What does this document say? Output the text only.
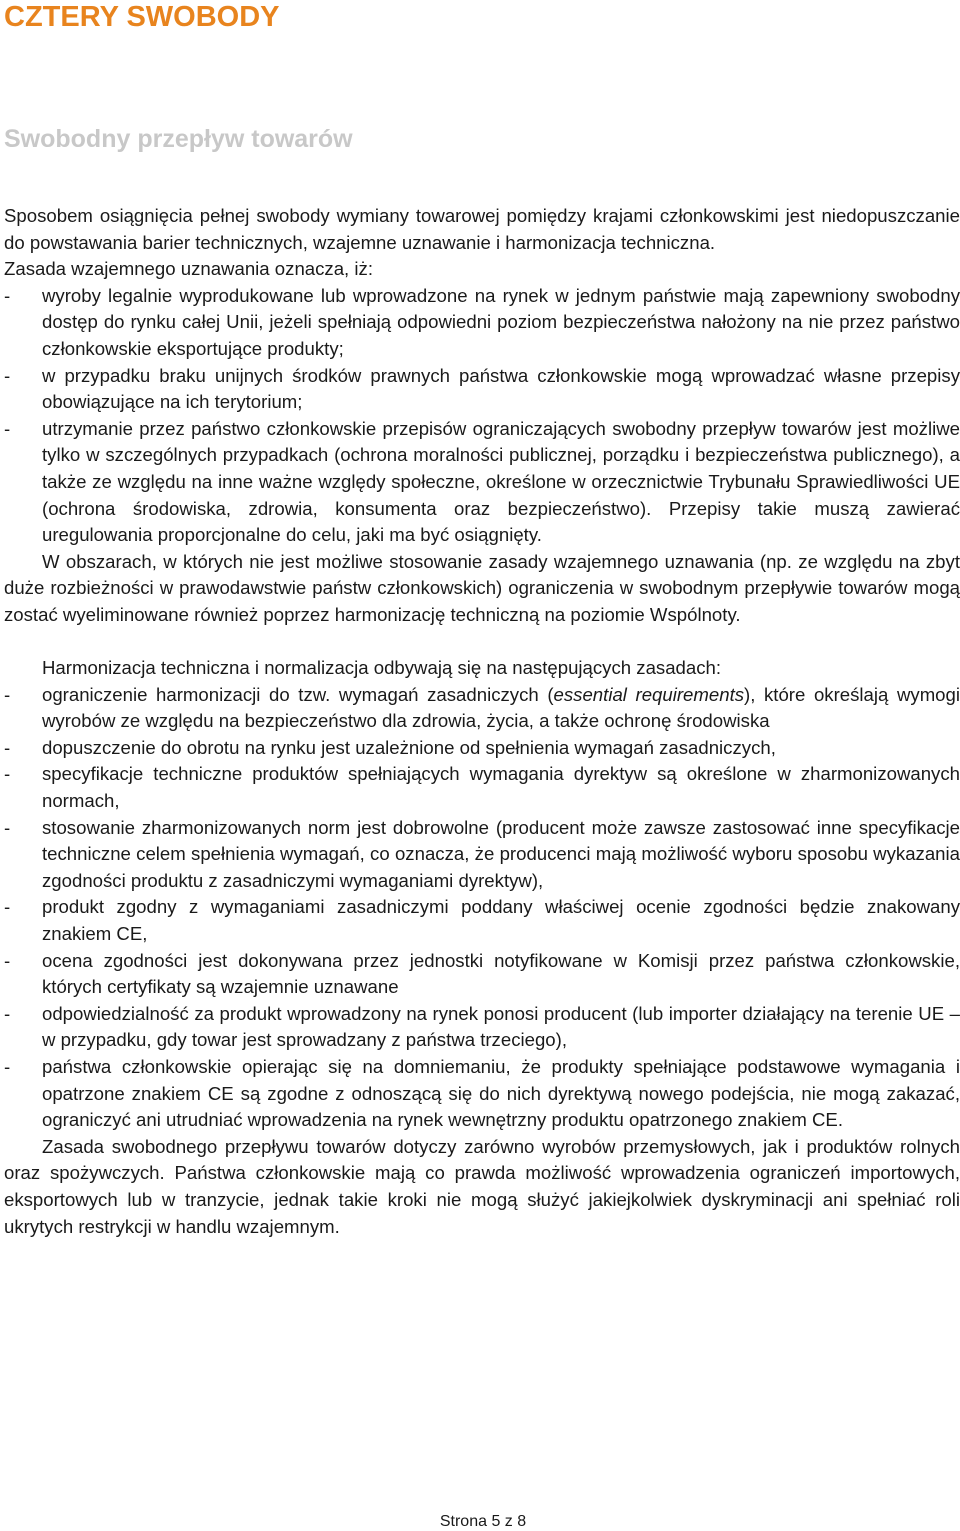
CZTERY SWOBODY
Swobodny przepływ towarów

Sposobem osiągnięcia pełnej swobody wymiany towarowej pomiędzy krajami członkowskimi jest niedopuszczanie do powstawania barier technicznych, wzajemne uznawanie i harmonizacja techniczna.

Zasada wzajemnego uznawania oznacza, iż:

- wyroby legalnie wyprodukowane lub wprowadzone na rynek w jednym państwie mają zapewniony swobodny dostęp do rynku całej Unii, jeżeli spełniają odpowiedni poziom bezpieczeństwa nałożony na nie przez państwo członkowskie eksportujące produkty;

- w przypadku braku unijnych środków prawnych państwa członkowskie mogą wprowadzać własne przepisy obowiązujące na ich terytorium;

- utrzymanie przez państwo członkowskie przepisów ograniczających swobodny przepływ towarów jest możliwe tylko w szczególnych przypadkach (ochrona moralności publicznej, porządku i bezpieczeństwa publicznego), a także ze względu na inne ważne względy społeczne, określone w orzecznictwie Trybunału Sprawiedliwości UE (ochrona środowiska, zdrowia, konsumenta oraz bezpieczeństwo). Przepisy takie muszą zawierać uregulowania proporcjonalne do celu, jaki ma być osiągnięty.

W obszarach, w których nie jest możliwe stosowanie zasady wzajemnego uznawania (np. ze względu na zbyt duże rozbieżności w prawodawstwie państw członkowskich) ograniczenia w swobodnym przepływie towarów mogą zostać wyeliminowane również poprzez harmonizację techniczną na poziomie Wspólnoty.

Harmonizacja techniczna i normalizacja odbywają się na następujących zasadach:

- ograniczenie harmonizacji do tzw. wymagań zasadniczych (essential requirements), które określają wymogi wyrobów ze względu na bezpieczeństwo dla zdrowia, życia, a także ochronę środowiska

- dopuszczenie do obrotu na rynku jest uzależnione od spełnienia wymagań zasadniczych,

- specyfikacje techniczne produktów spełniających wymagania dyrektyw są określone w zharmonizowanych normach,

- stosowanie zharmonizowanych norm jest dobrowolne (producent może zawsze zastosować inne specyfikacje techniczne celem spełnienia wymagań, co oznacza, że producenci mają możliwość wyboru sposobu wykazania zgodności produktu z zasadniczymi wymaganiami dyrektyw),

- produkt zgodny z wymaganiami zasadniczymi poddany właściwej ocenie zgodności będzie znakowany znakiem CE,

- ocena zgodności jest dokonywana przez jednostki notyfikowane w Komisji przez państwa członkowskie, których certyfikaty są wzajemnie uznawane

- odpowiedzialność za produkt wprowadzony na rynek ponosi producent (lub importer działający na terenie UE – w przypadku, gdy towar jest sprowadzany z państwa trzeciego),

- państwa członkowskie opierając się na domniemaniu, że produkty spełniające podstawowe wymagania i opatrzone znakiem CE są zgodne z odnoszącą się do nich dyrektywą nowego podejścia, nie mogą zakazać, ograniczyć ani utrudniać wprowadzenia na rynek wewnętrzny produktu opatrzonego znakiem CE.

Zasada swobodnego przepływu towarów dotyczy zarówno wyrobów przemysłowych, jak i produktów rolnych oraz spożywczych. Państwa członkowskie mają co prawda możliwość wprowadzenia ograniczeń importowych, eksportowych lub w tranzycie, jednak takie kroki nie mogą służyć jakiejkolwiek dyskryminacji ani spełniać roli ukrytych restrykcji w handlu wzajemnym.

Strona 5 z 8
